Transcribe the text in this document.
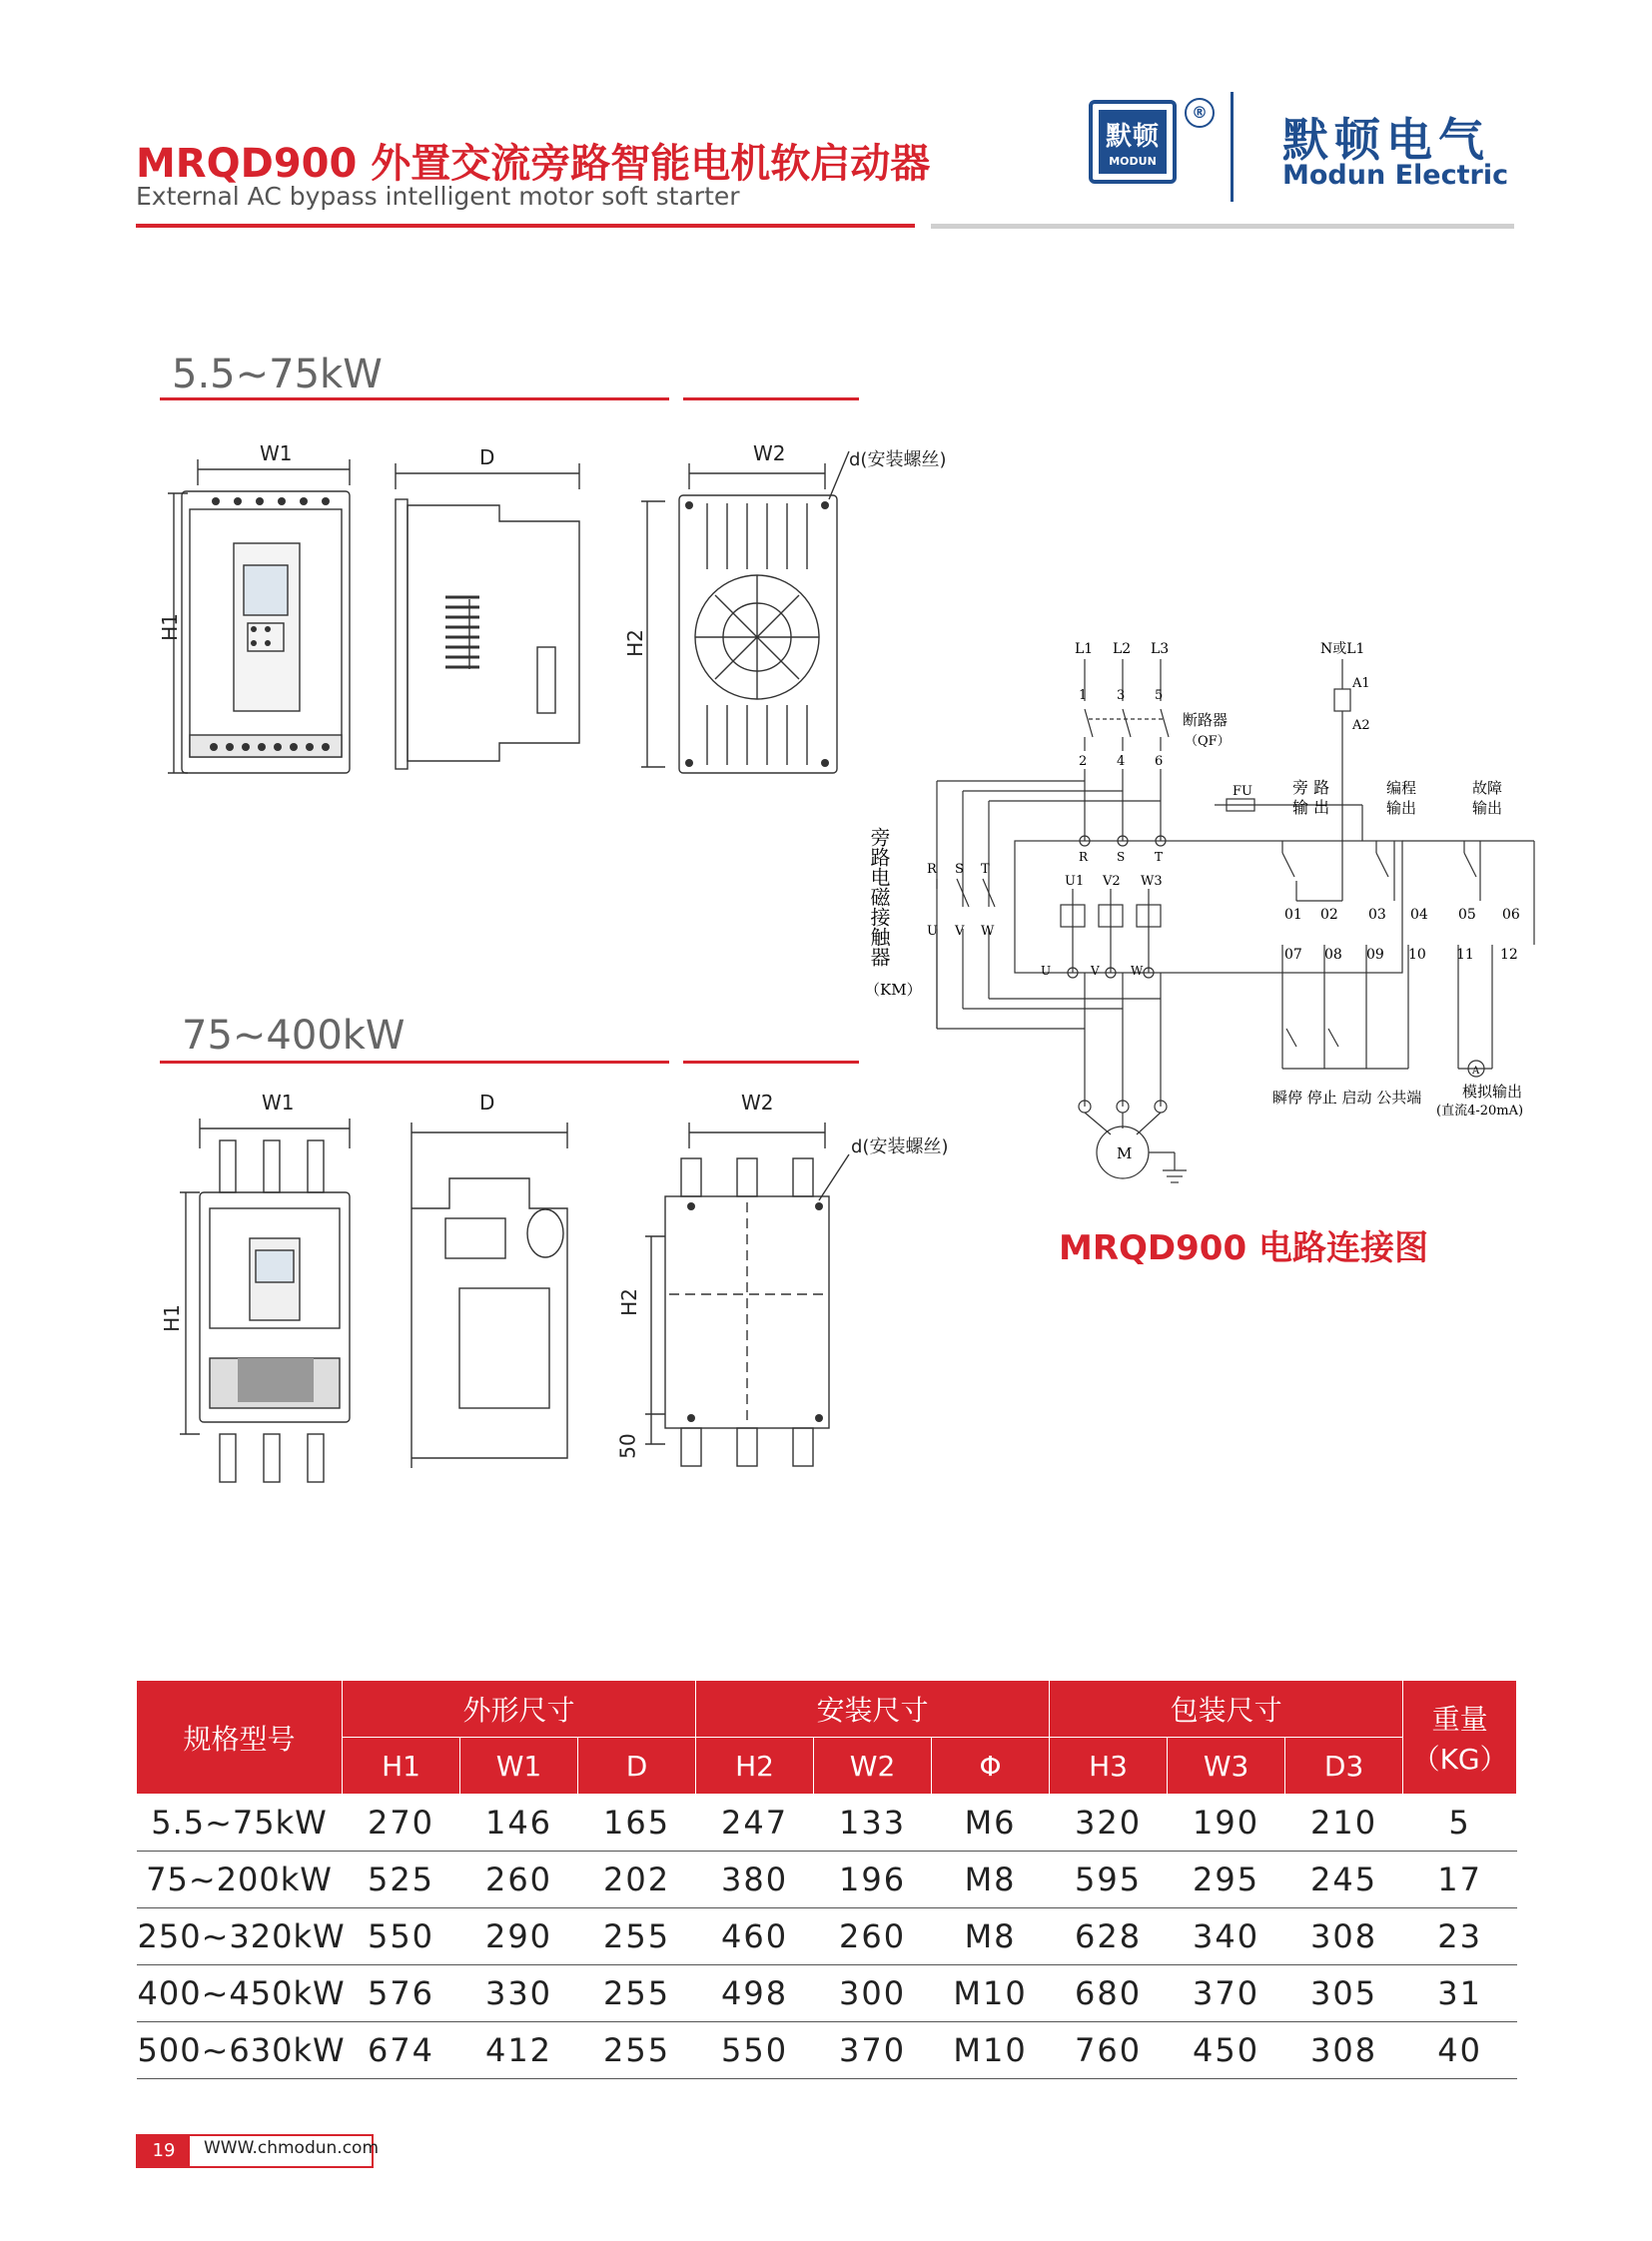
MRQD900 外置交流旁路智能电机软启动器
External AC bypass intelligent motor soft starter
默顿
MODUN
®
默顿电气
Modun Electric
5.5~75kW
W1	D	W2
H1
H2
d(安装螺丝)
75~400kW
W1	D	W2
H1
H2
50
d(安装螺丝)
L1 L2 L3	N或L1
A1
A2
1 3 5
2 4 6
断路器
（QF）
FU	旁 路
输 出
编程
输出
故障
输出
旁路电磁接触器
（KM）
R S T
U V W
R S T
U1 V2 W3
U	V	W
01 02 03 04 05 06
07 08 09 10 11 12
A
模拟输出
(直流4-20mA)
瞬停 停止 启动 公共端
M
MRQD900 电路连接图
规格型号	外形尺寸			安装尺寸			包装尺寸			重量
（KG）

	H1	W1	D	H2	W2	Φ	H3	W3	D3	
5.5~75kW	270	146	165	247	133	M6	320	190	210	5
75~200kW	525	260	202	380	196	M8	595	295	245	17
250~320kW	550	290	255	460	260	M8	628	340	308	23
400~450kW	576	330	255	498	300	M10	680	370	305	31
500~630kW	674	412	255	550	370	M10	760	450	308	40
19	WWW.chmodun.com
